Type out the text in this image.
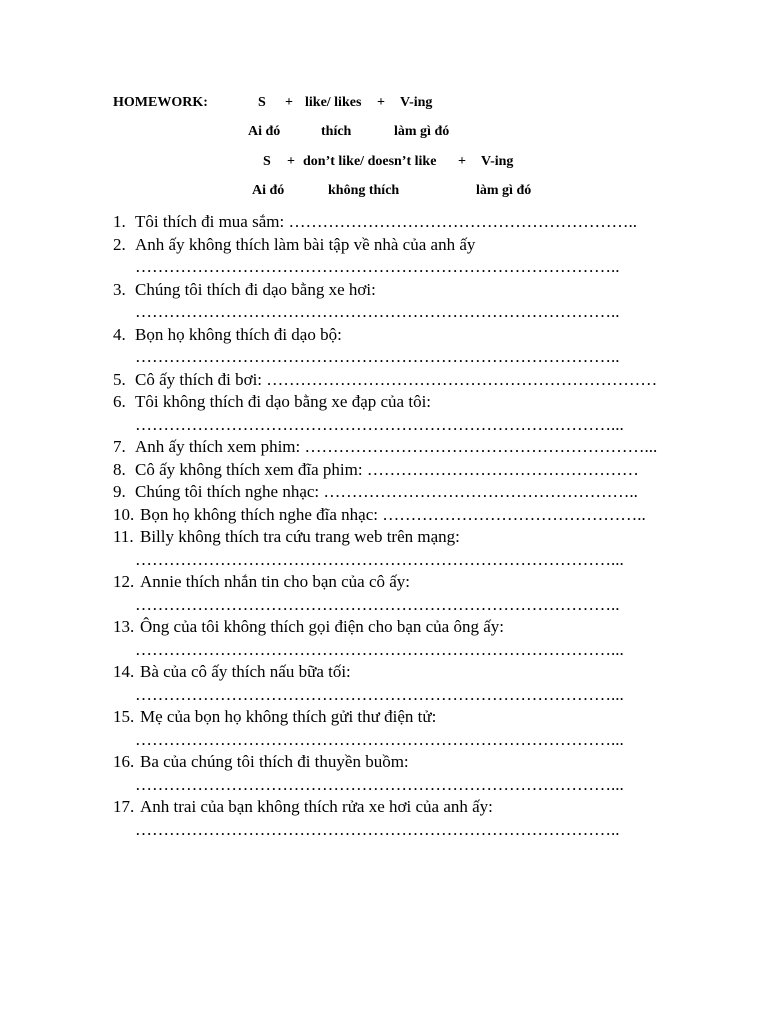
HOMEWORK:	S + like/ likes + V-ing
Ai đó	thích	làm gì đó
S + don’t like/ doesn’t like + V-ing
Ai đó	không thích	làm gì đó
1. Tôi thích đi mua sắm: ……………………………………………………..
2. Anh ấy không thích làm bài tập về nhà của anh ấy
…………………………………………………………………………..
3. Chúng tôi thích đi dạo bằng xe hơi:
…………………………………………………………………………..
4. Bọn họ không thích đi dạo bộ:
…………………………………………………………………………..
5. Cô ấy thích đi bơi: ……………………………………………………………
6. Tôi không thích đi dạo bằng xe đạp của tôi:
…………………………………………………………………………...
7. Anh ấy thích xem phim: ……………………………………………………...
8. Cô ấy không thích xem đĩa phim: …………………………………………
9. Chúng tôi thích nghe nhạc: ………………………………………………..
10. Bọn họ không thích nghe đĩa nhạc: ………………………………………..
11. Billy không thích tra cứu trang web trên mạng:
…………………………………………………………………………...
12. Annie thích nhắn tin cho bạn của cô ấy:
…………………………………………………………………………..
13. Ông của tôi không thích gọi điện cho bạn của ông ấy:
…………………………………………………………………………...
14. Bà của cô ấy thích nấu bữa tối:
…………………………………………………………………………...
15. Mẹ của bọn họ không thích gửi thư điện tử:
…………………………………………………………………………...
16. Ba của chúng tôi thích đi thuyền buồm:
…………………………………………………………………………...
17. Anh trai của bạn không thích rửa xe hơi của anh ấy:
…………………………………………………………………………..
